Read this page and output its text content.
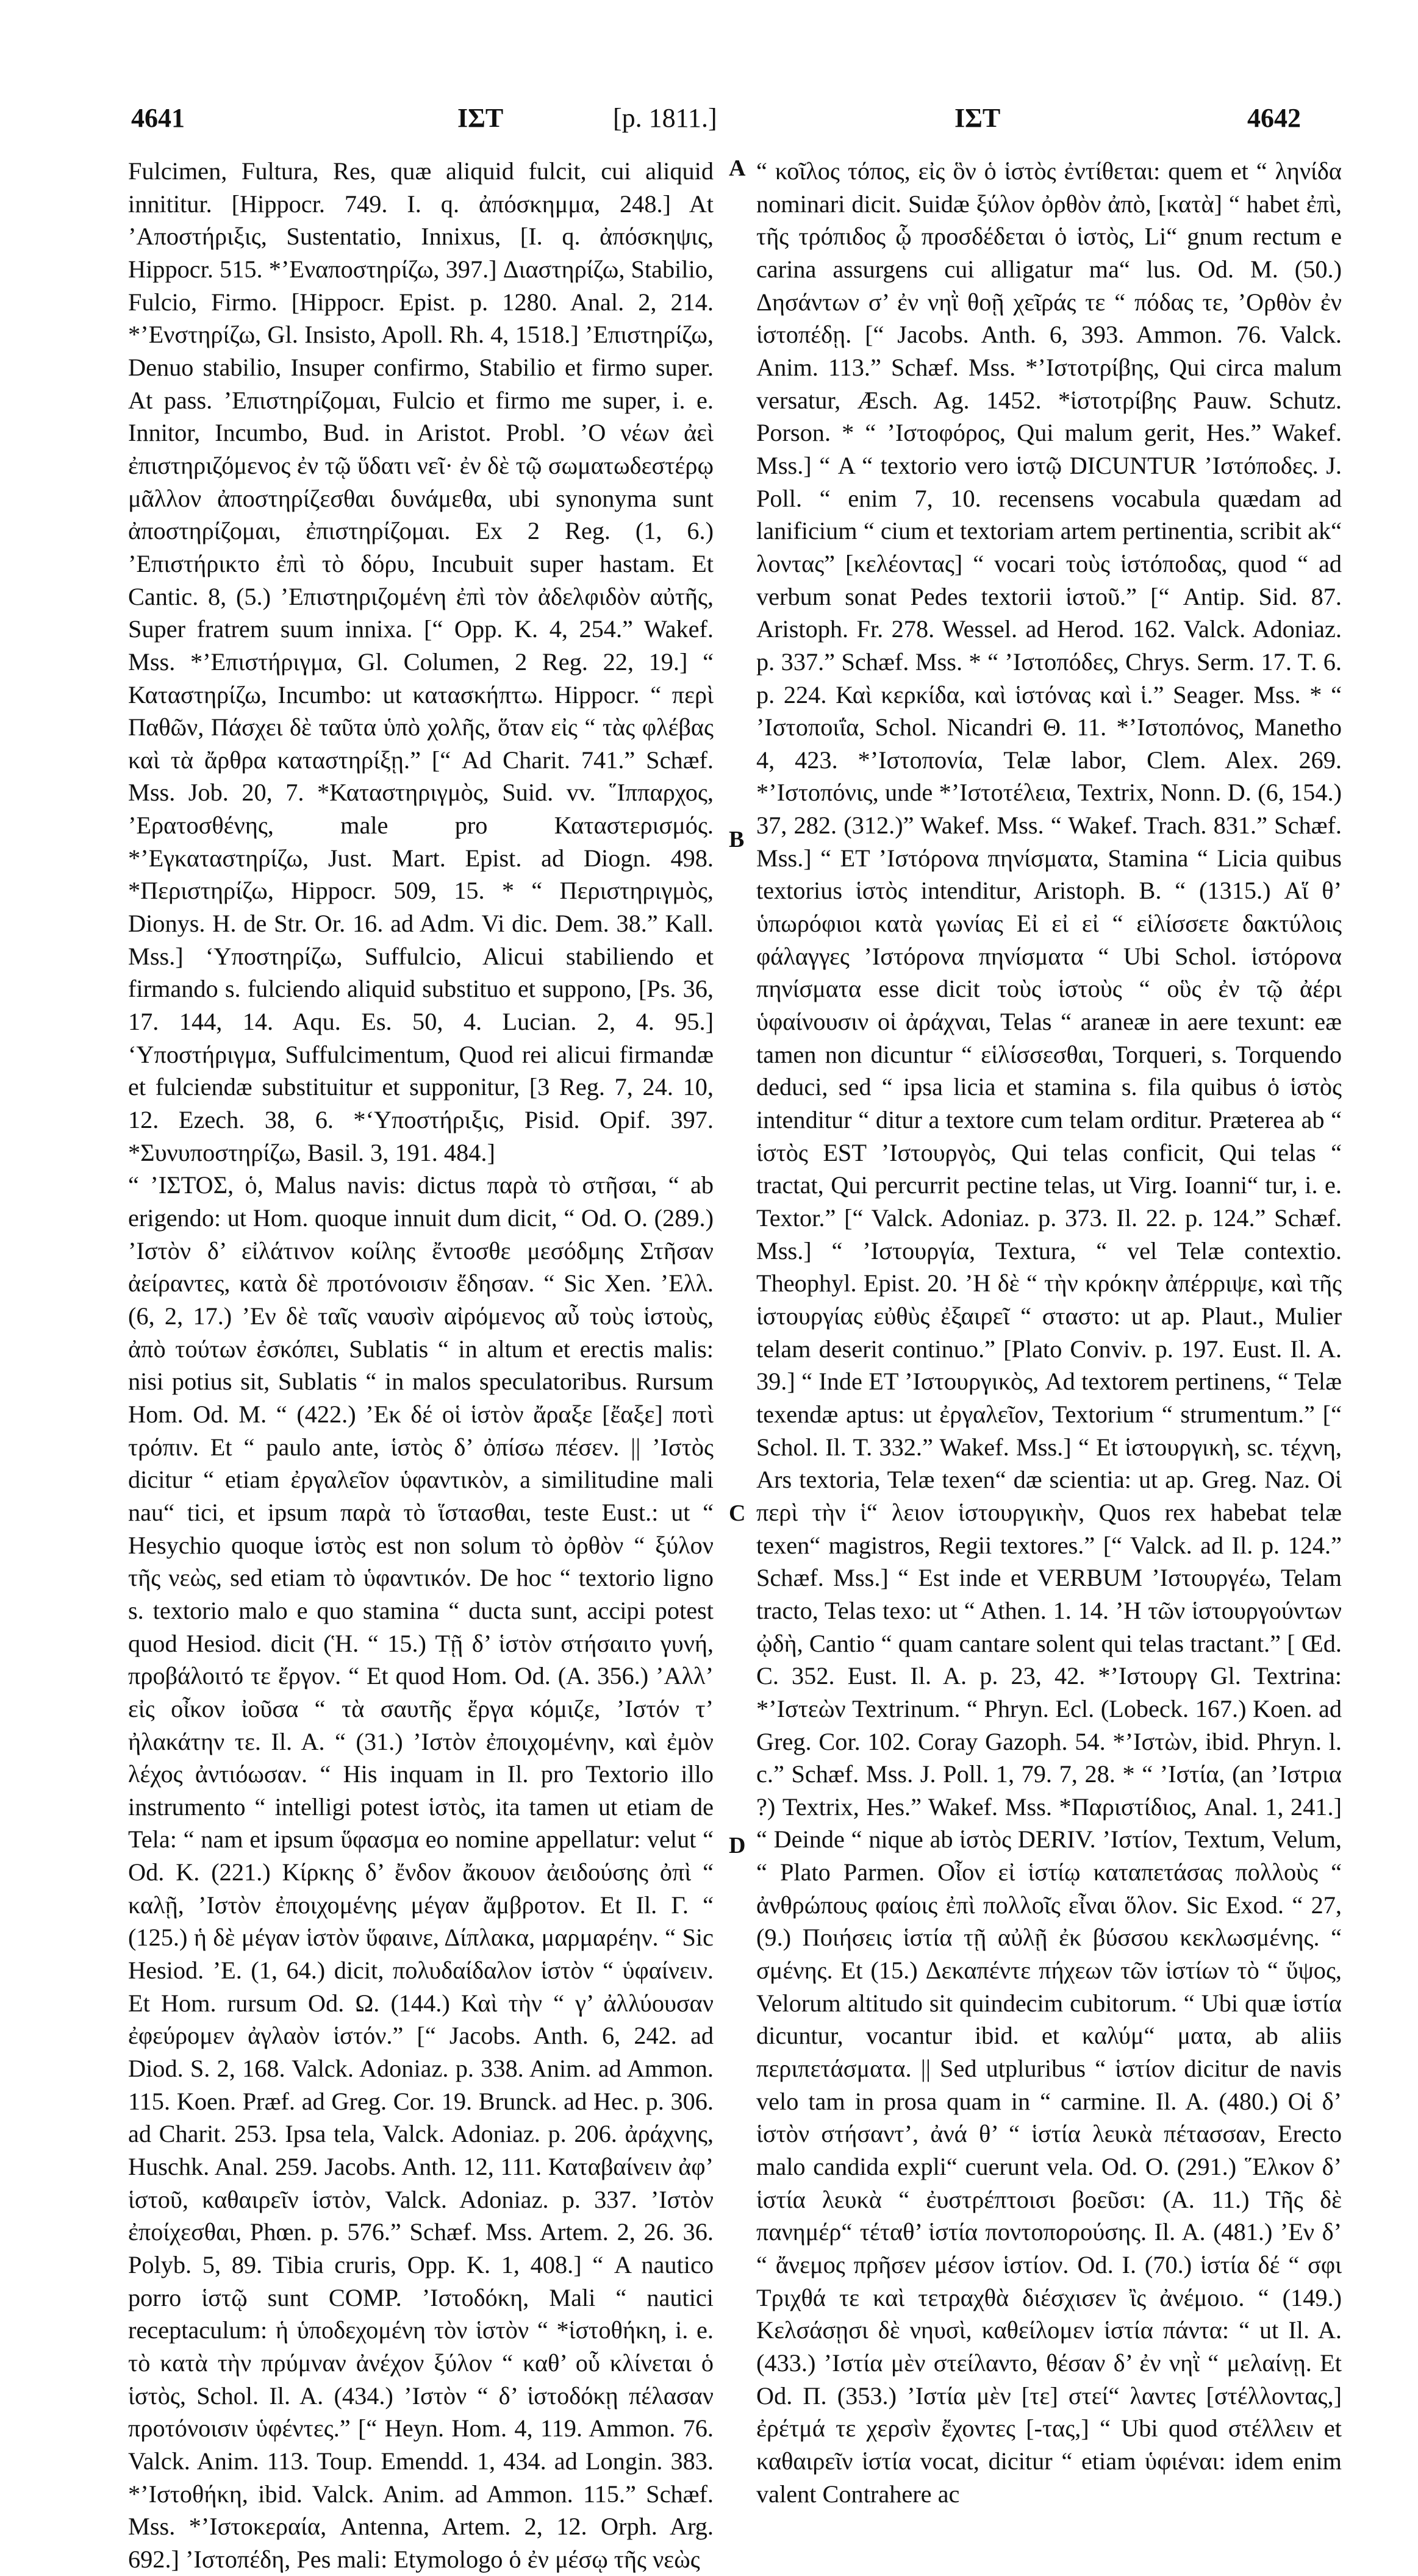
4641	ΙΣΤ	[p. 1811.]	ΙΣΤ	4642

Fulcimen, Fultura, Res, quæ aliquid fulcit, cui aliquid innititur. [Hippocr. 749. I. q. ἀπόσκημμα, 248.] At ’Αποστήριξις, Sustentatio, Innixus, [I. q. ἀπόσκηψις, Hippocr. 515. *’Εναποστηρίζω, 397.] Διαστηρίζω, Stabilio, Fulcio, Firmo. [Hippocr. Epist. p. 1280. Anal. 2, 214. *’Ενστηρίζω, Gl. Insisto, Apoll. Rh. 4, 1518.] ’Επιστηρίζω, Denuo stabilio, Insuper confirmo, Stabilio et firmo super. At pass. ’Επιστηρίζομαι, Fulcio et firmo me super, i. e. Innitor, Incumbo, Bud. in Aristot. Probl. ’Ο νέων ἀεὶ ἐπιστηριζόμενος ἐν τῷ ὕδατι νεῖ· ἐν δὲ τῷ σωματωδεστέρῳ μᾶλλον ἀποστηρίζεσθαι δυνάμεθα, ubi synonyma sunt ἀποστηρίζομαι, ἐπιστηρίζομαι. Ex 2 Reg. (1, 6.) ’Επιστήρικτο ἐπὶ τὸ δόρυ, Incubuit super hastam. Et Cantic. 8, (5.) ’Επιστηριζομένη ἐπὶ τὸν ἀδελφιδὸν αὐτῆς, Super fratrem suum innixa. [“ Opp. K. 4, 254.” Wakef. Mss. *’Επιστήριγμα, Gl. Columen, 2 Reg. 22, 19.] “ Καταστηρίζω, Incumbo: ut κατασκήπτω. Hippocr. “ περὶ Παθῶν, Πάσχει δὲ ταῦτα ὑπὸ χολῆς, ὅταν εἰς “ τὰς φλέβας καὶ τὰ ἄρθρα καταστηρίξῃ.” [“ Ad Charit. 741.” Schæf. Mss. Job. 20, 7. *Καταστηριγμὸς, Suid. vv. ῞Ιππαρχος, ’Ερατοσθένης, male pro Καταστερισμός. *’Εγκαταστηρίζω, Just. Mart. Epist. ad Diogn. 498. *Περιστηρίζω, Hippocr. 509, 15. * “ Περιστηριγμὸς, Dionys. H. de Str. Or. 16. ad Adm. Vi dic. Dem. 38.” Kall. Mss.] ‘Υποστηρίζω, Suffulcio, Alicui stabiliendo et firmando s. fulciendo aliquid substituo et suppono, [Ps. 36, 17. 144, 14. Aqu. Es. 50, 4. Lucian. 2, 4. 95.] ‘Υποστήριγμα, Suffulcimentum, Quod rei alicui firmandæ et fulciendæ substituitur et supponitur, [3 Reg. 7, 24. 10, 12. Ezech. 38, 6. *‘Υποστήριξις, Pisid. Opif. 397. *Συνυποστηρίζω, Basil. 3, 191. 484.]

“ ’ΙΣΤΟΣ, ὁ, Malus navis: dictus παρὰ τὸ στῆσαι, “ ab erigendo: ut Hom. quoque innuit dum dicit, “ Od. O. (289.) ’Ιστὸν δ’ εἰλάτινον κοίλης ἔντοσθε μεσόδμης Στῆσαν ἀείραντες, κατὰ δὲ προτόνοισιν ἔδησαν. “ Sic Xen. ’Ελλ. (6, 2, 17.) ’Εν δὲ ταῖς ναυσὶν αἰρόμενος αὖ τοὺς ἱστοὺς, ἀπὸ τούτων ἐσκόπει, Sublatis “ in altum et erectis malis: nisi potius sit, Sublatis “ in malos speculatoribus. Rursum Hom. Od. M. “ (422.) ’Εκ δέ οἱ ἱστὸν ἄραξε [ἔαξε] ποτὶ τρόπιν. Et “ paulo ante, ἱστὸς δ’ ὀπίσω πέσεν. || ’Ιστὸς dicitur “ etiam ἐργαλεῖον ὑφαντικὸν, a similitudine mali nau“ tici, et ipsum παρὰ τὸ ἵστασθαι, teste Eust.: ut “ Hesychio quoque ἱστὸς est non solum τὸ ὀρθὸν “ ξύλον τῆς νεὼς, sed etiam τὸ ὑφαντικόν. De hoc “ textorio ligno s. textorio malo e quo stamina “ ducta sunt, accipi potest quod Hesiod. dicit (Ἡ. “ 15.) Τῇ δ’ ἱστὸν στήσαιτο γυνή, προβάλοιτό τε ἔργον. “ Et quod Hom. Od. (A. 356.) ’Αλλ’ εἰς οἶκον ἰοῦσα “ τὰ σαυτῆς ἔργα κόμιζε, ’Ιστόν τ’ ἠλακάτην τε. Il. A. “ (31.) ’Ιστὸν ἐποιχομένην, καὶ ἐμὸν λέχος ἀντιόωσαν. “ His inquam in Il. pro Textorio illo instrumento “ intelligi potest ἱστὸς, ita tamen ut etiam de Tela: “ nam et ipsum ὕφασμα eo nomine appellatur: velut “ Od. K. (221.) Κίρκης δ’ ἔνδον ἄκουον ἀειδούσης ὀπὶ “ καλῇ, ’Ιστὸν ἐποιχομένης μέγαν ἄμβροτον. Et Il. Γ. “ (125.) ἡ δὲ μέγαν ἱστὸν ὕφαινε, Δίπλακα, μαρμαρέην. “ Sic Hesiod. ’E. (1, 64.) dicit, πολυδαίδαλον ἱστὸν “ ὑφαίνειν. Et Hom. rursum Od. Ω. (144.) Καὶ τὴν “ γ’ ἀλλύουσαν ἐφεύρομεν ἀγλαὸν ἱστόν.” [“ Jacobs. Anth. 6, 242. ad Diod. S. 2, 168. Valck. Adoniaz. p. 338. Anim. ad Ammon. 115. Koen. Præf. ad Greg. Cor. 19. Brunck. ad Hec. p. 306. ad Charit. 253. Ipsa tela, Valck. Adoniaz. p. 206. ἀράχνης, Huschk. Anal. 259. Jacobs. Anth. 12, 111. Καταβαίνειν ἀφ’ ἱστοῦ, καθαιρεῖν ἱστὸν, Valck. Adoniaz. p. 337. ’Ιστὸν ἐποίχεσθαι, Phœn. p. 576.” Schæf. Mss. Artem. 2, 26. 36. Polyb. 5, 89. Tibia cruris, Opp. K. 1, 408.] “ A nautico porro ἱστῷ sunt COMP. ’Ιστοδόκη, Mali “ nautici receptaculum: ἡ ὑποδεχομένη τὸν ἱστὸν “ *ἱστοθήκη, i. e. τὸ κατὰ τὴν πρύμναν ἀνέχον ξύλον “ καθ’ οὗ κλίνεται ὁ ἱστὸς, Schol. Il. A. (434.) ’Ιστὸν “ δ’ ἱστοδόκῃ πέλασαν προτόνοισιν ὑφέντες.” [“ Heyn. Hom. 4, 119. Ammon. 76. Valck. Anim. 113. Toup. Emendd. 1, 434. ad Longin. 383. *’Ιστοθήκη, ibid. Valck. Anim. ad Ammon. 115.” Schæf. Mss. *’Ιστοκεραία, Antenna, Artem. 2, 12. Orph. Arg. 692.] ’Ιστοπέδη, Pes mali: Etymologo ὁ ἐν μέσῳ τῆς νεὼς

A
B
C
D

“ κοῖλος τόπος, εἰς ὃν ὁ ἱστὸς ἐντίθεται: quem et “ ληνίδα nominari dicit. Suidæ ξύλον ὀρθὸν ἀπὸ, [κατὰ] “ habet ἐπὶ, τῆς τρόπιδος ᾧ προσδέδεται ὁ ἱστὸς, Li“ gnum rectum e carina assurgens cui alligatur ma“ lus. Od. M. (50.) Δησάντων σ’ ἐν νηῒ θοῇ χεῖράς τε “ πόδας τε, ’Ορθὸν ἐν ἱστοπέδῃ. [“ Jacobs. Anth. 6, 393. Ammon. 76. Valck. Anim. 113.” Schæf. Mss. *’Ιστοτρίβης, Qui circa malum versatur, Æsch. Ag. 1452. *ἱστοτρίβης Pauw. Schutz. Porson. * “ ’Ιστοφόρος, Qui malum gerit, Hes.” Wakef. Mss.] “ A “ textorio vero ἱστῷ DICUNTUR ’Ιστόποδες. J. Poll. “ enim 7, 10. recensens vocabula quædam ad lanificium “ cium et textoriam artem pertinentia, scribit ak“ λοντας” [κελέοντας] “ vocari τοὺς ἱστόποδας, quod “ ad verbum sonat Pedes textorii ἱστοῦ.” [“ Antip. Sid. 87. Aristoph. Fr. 278. Wessel. ad Herod. 162. Valck. Adoniaz. p. 337.” Schæf. Mss. * “ ’Ιστοπόδες, Chrys. Serm. 17. T. 6. p. 224. Καὶ κερκίδα, καὶ ἱστόνας καὶ ἱ.” Seager. Mss. * “ ’Ιστοποιΐα, Schol. Nicandri Θ. 11. *’Ιστοπόνος, Manetho 4, 423. *’Ιστοπονία, Telæ labor, Clem. Alex. 269. *’Ιστοπόνις, unde *’Ιστοτέλεια, Textrix, Nonn. D. (6, 154.) 37, 282. (312.)” Wakef. Mss. “ Wakef. Trach. 831.” Schæf. Mss.] “ ET ’Ιστόρονα πηνίσματα, Stamina “ Licia quibus textorius ἱστὸς intenditur, Aristoph. B. “ (1315.) Αἵ θ’ ὑπωρόφιοι κατὰ γωνίας Εἰ εἰ εἰ “ εἱλίσσετε δακτύλοις φάλαγγες ’Ιστόρονα πηνίσματα “ Ubi Schol. ἱστόρονα πηνίσματα esse dicit τοὺς ἱστοὺς “ οὓς ἐν τῷ ἀέρι ὑφαίνουσιν οἱ ἀράχναι, Telas “ araneæ in aere texunt: eæ tamen non dicuntur “ εἱλίσσεσθαι, Torqueri, s. Torquendo deduci, sed “ ipsa licia et stamina s. fila quibus ὁ ἱστὸς intenditur “ ditur a textore cum telam orditur. Præterea ab “ ἱστὸς EST ’Ιστουργὸς, Qui telas conficit, Qui telas “ tractat, Qui percurrit pectine telas, ut Virg. Ioanni“ tur, i. e. Textor.” [“ Valck. Adoniaz. p. 373. Il. 22. p. 124.” Schæf. Mss.] “ ’Ιστουργία, Textura, “ vel Telæ contextio. Theophyl. Epist. 20. ’Η δὲ “ τὴν κρόκην ἀπέρριψε, καὶ τῆς ἱστουργίας εὐθὺς ἐξαιρεῖ “ σταστο: ut ap. Plaut., Mulier telam deserit continuo.” [Plato Conviv. p. 197. Eust. Il. A. 39.] “ Inde ET ’Ιστουργικὸς, Ad textorem pertinens, “ Telæ texendæ aptus: ut ἐργαλεῖον, Textorium “ strumentum.” [“ Schol. Il. T. 332.” Wakef. Mss.] “ Et ἱστουργικὴ, sc. τέχνη, Ars textoria, Telæ texen“ dæ scientia: ut ap. Greg. Naz. Οἱ περὶ τὴν ἱ“ λειον ἱστουργικὴν, Quos rex habebat telæ texen“ magistros, Regii textores.” [“ Valck. ad Il. p. 124.” Schæf. Mss.] “ Est inde et VERBUM ’Ιστουργέω, Telam tracto, Telas texo: ut “ Athen. 1. 14. ’Η τῶν ἱστουργούντων ᾠδὴ, Cantio “ quam cantare solent qui telas tractant.” [ Œd. C. 352. Eust. Il. A. p. 23, 42. *’Ιστουργ Gl. Textrina: *’Ιστεὼν Textrinum. “ Phryn. Ecl. (Lobeck. 167.) Koen. ad Greg. Cor. 102. Coray Gazoph. 54. *’Ιστὼν, ibid. Phryn. l. c.” Schæf. Mss. J. Poll. 1, 79. 7, 28. * “ ’Ιστία, (an ’Ιστρια ?) Textrix, Hes.” Wakef. Mss. *Παριστίδιος, Anal. 1, 241.] “ Deinde “ nique ab ἱστὸς DERIV. ’Ιστίον, Textum, Velum, “ Plato Parmen. Οἷον εἰ ἱστίῳ καταπετάσας πολλοὺς “ ἀνθρώπους φαίοις ἐπὶ πολλοῖς εἶναι ὅλον. Sic Exod. “ 27, (9.) Ποιήσεις ἱστία τῇ αὐλῇ ἐκ βύσσου κεκλωσμένης. “ σμένης. Et (15.) Δεκαπέντε πήχεων τῶν ἱστίων τὸ “ ὕψος, Velorum altitudo sit quindecim cubitorum. “ Ubi quæ ἱστία dicuntur, vocantur ibid. et καλύμ“ ματα, ab aliis περιπετάσματα. || Sed utpluribus “ ἱστίον dicitur de navis velo tam in prosa quam in “ carmine. Il. A. (480.) Οἱ δ’ ἱστὸν στήσαντ’, ἀνά θ’ “ ἱστία λευκὰ πέτασσαν, Erecto malo candida expli“ cuerunt vela. Od. O. (291.) ῞Ελκον δ’ ἱστία λευκὰ “ ἐυστρέπτοισι βοεῦσι: (A. 11.) Τῆς δὲ πανημέρ“ τέταθ’ ἱστία ποντοπορούσης. Il. A. (481.) ’Εν δ’ “ ἄνεμος πρῆσεν μέσον ἱστίον. Od. I. (70.) ἱστία δέ “ σφι Τριχθά τε καὶ τετραχθὰ διέσχισεν ἲς ἀνέμοιο. “ (149.) Κελσάσῃσι δὲ νηυσὶ, καθείλομεν ἱστία πάντα: “ ut Il. A. (433.) ’Ιστία μὲν στείλαντο, θέσαν δ’ ἐν νηῒ “ μελαίνῃ. Et Od. Π. (353.) ’Ιστία μὲν [τε] στεί“ λαντες [στέλλοντας,] ἐρέτμά τε χερσὶν ἔχοντες [-τας,] “ Ubi quod στέλλειν et καθαιρεῖν ἱστία vocat, dicitur “ etiam ὑφιέναι: idem enim valent Contrahere ac
